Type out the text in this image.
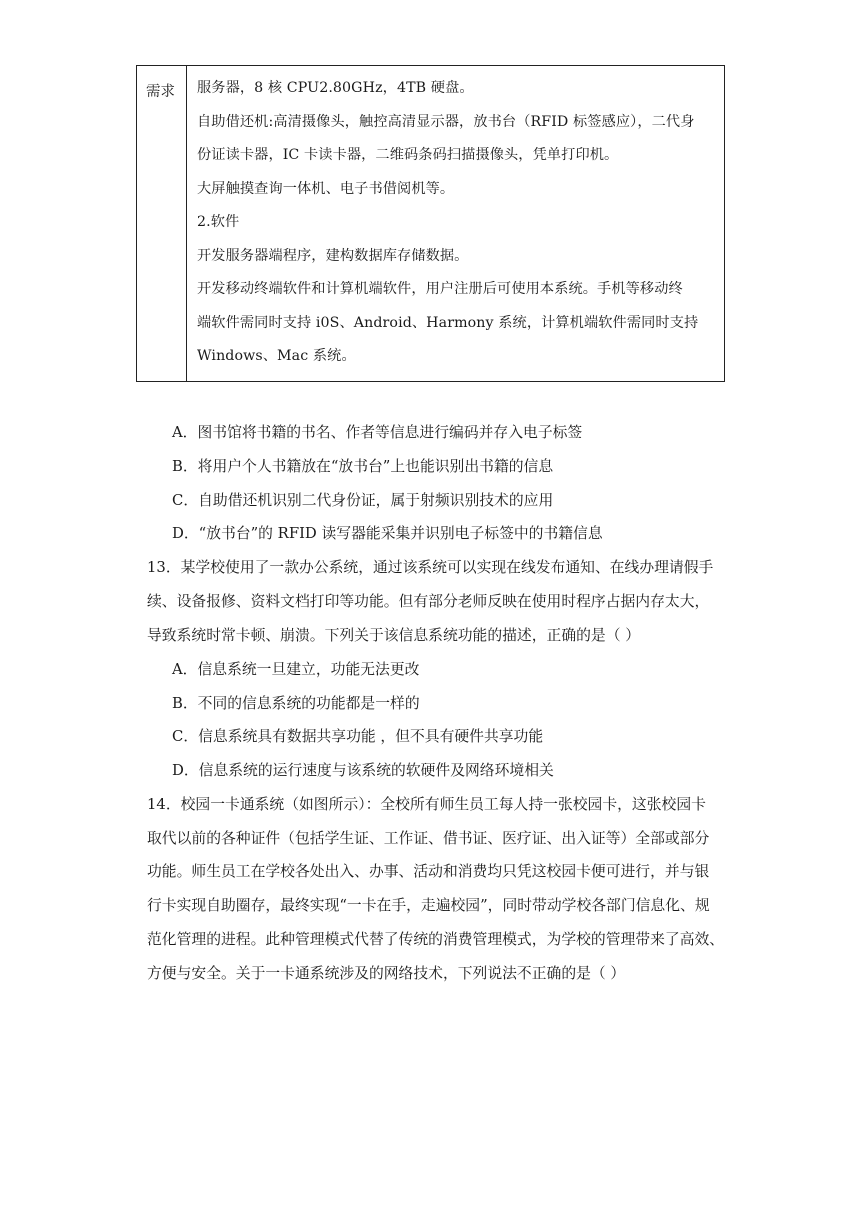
需求	服务器，8 核 CPU2.80GHz，4TB 硬盘。
自助借还机:高清摄像头，触控高清显示器，放书台（RFID 标签感应），二代身
份证读卡器，IC 卡读卡器，二维码条码扫描摄像头，凭单打印机。
大屏触摸查询一体机、电子书借阅机等。
2.软件
开发服务器端程序，建构数据库存储数据。
开发移动终端软件和计算机端软件，用户注册后可使用本系统。手机等移动终
端软件需同时支持 i0S、Android、Harmony 系统，计算机端软件需同时支持
Windows、Mac 系统。
A．图书馆将书籍的书名、作者等信息进行编码并存入电子标签
B．将用户个人书籍放在“放书台”上也能识别出书籍的信息
C．自助借还机识别二代身份证，属于射频识别技术的应用
D．“放书台”的 RFID 读写器能采集并识别电子标签中的书籍信息
13．某学校使用了一款办公系统，通过该系统可以实现在线发布通知、在线办理请假手
续、设备报修、资料文档打印等功能。但有部分老师反映在使用时程序占据内存太大，
导致系统时常卡顿、崩溃。下列关于该信息系统功能的描述，正确的是（ ）
A．信息系统一旦建立，功能无法更改
B．不同的信息系统的功能都是一样的
C．信息系统具有数据共享功能 ，但不具有硬件共享功能
D．信息系统的运行速度与该系统的软硬件及网络环境相关
14．校园一卡通系统（如图所示）：全校所有师生员工每人持一张校园卡，这张校园卡
取代以前的各种证件（包括学生证、工作证、借书证、医疗证、出入证等）全部或部分
功能。师生员工在学校各处出入、办事、活动和消费均只凭这校园卡便可进行，并与银
行卡实现自助圈存，最终实现“一卡在手，走遍校园”，同时带动学校各部门信息化、规
范化管理的进程。此种管理模式代替了传统的消费管理模式，为学校的管理带来了高效、
方便与安全。关于一卡通系统涉及的网络技术，下列说法不正确的是（ ）
